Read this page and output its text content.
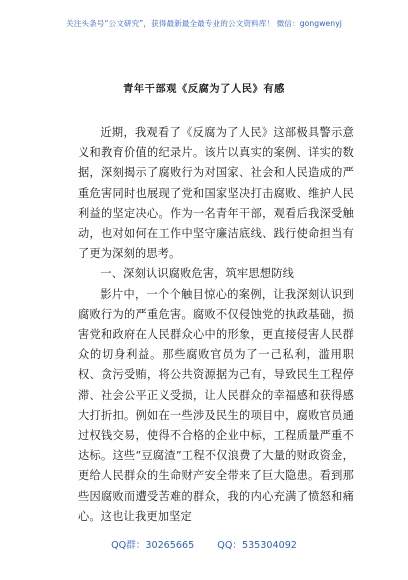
关注头条号“公文研究”，获得最新最全最专业的公文资料库！ 微信：gongwenyj
青年干部观《反腐为了人民》有感

近期，我观看了《反腐为了人民》这部极具警示意义和教育价值的纪录片。该片以真实的案例、详实的数据，深刻揭示了腐败行为对国家、社会和人民造成的严重危害同时也展现了党和国家坚决打击腐败、维护人民利益的坚定决心。作为一名青年干部，观看后我深受触动，也对如何在工作中坚守廉洁底线、践行使命担当有了更为深刻的思考。

一、深刻认识腐败危害，筑牢思想防线

影片中，一个个触目惊心的案例，让我深刻认识到腐败行为的严重危害。腐败不仅侵蚀党的执政基础，损害党和政府在人民群众心中的形象，更直接侵害人民群众的切身利益。那些腐败官员为了一己私利，滥用职权、贪污受贿，将公共资源据为己有，导致民生工程停滞、社会公平正义受损，让人民群众的幸福感和获得感大打折扣。例如在一些涉及民生的项目中，腐败官员通过权钱交易，使得不合格的企业中标，工程质量严重不达标。这些“豆腐渣”工程不仅浪费了大量的财政资金，更给人民群众的生命财产安全带来了巨大隐患。看到那些因腐败而遭受苦难的群众，我的内心充满了愤怒和痛心。这也让我更加坚定

QQ群：30265665 QQ：535304092
